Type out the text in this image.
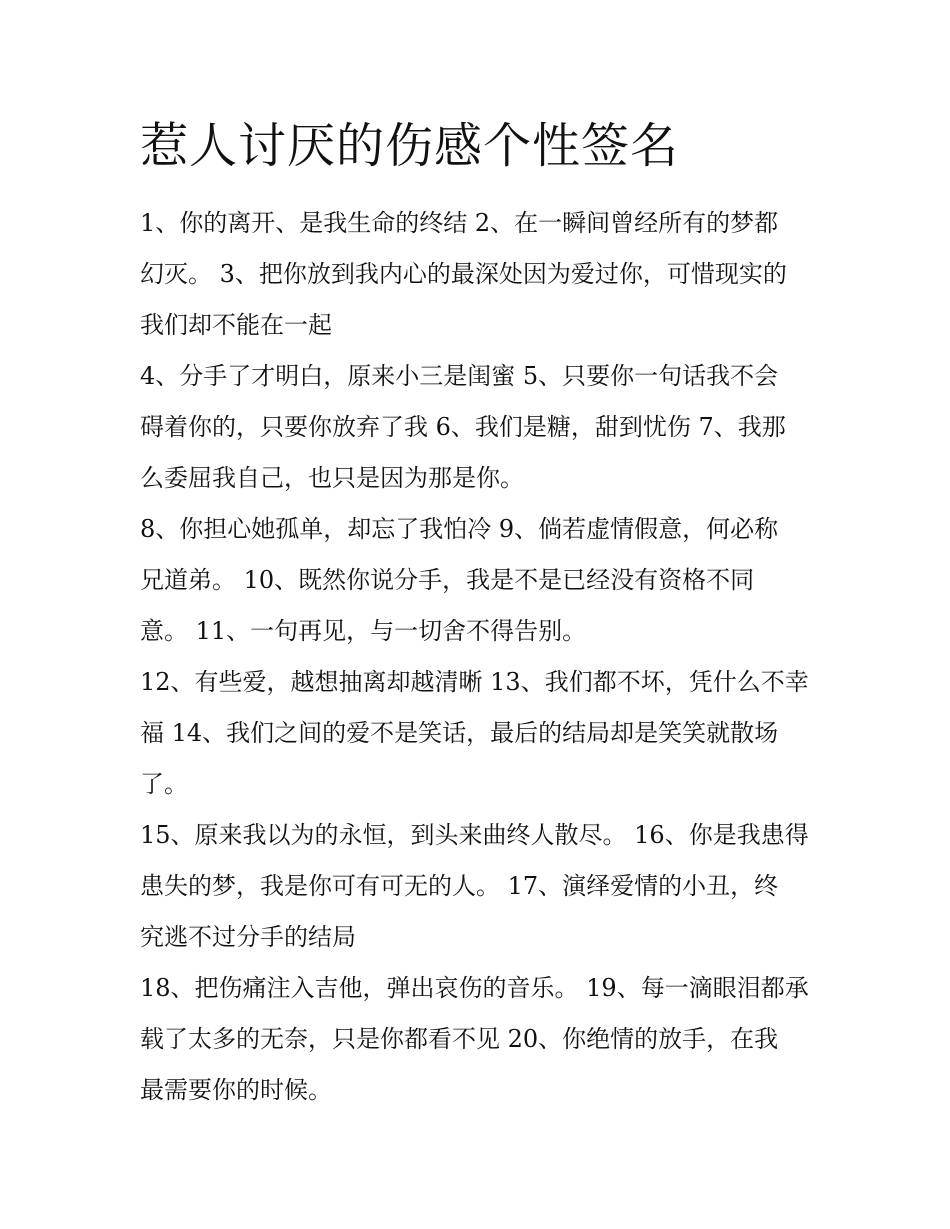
惹人讨厌的伤感个性签名
1、你的离开、是我生命的终结 2、在一瞬间曾经所有的梦都
幻灭。 3、把你放到我内心的最深处因为爱过你，可惜现实的
我们却不能在一起
4、分手了才明白，原来小三是闺蜜 5、只要你一句话我不会
碍着你的，只要你放弃了我 6、我们是糖，甜到忧伤 7、我那
么委屈我自己，也只是因为那是你。
8、你担心她孤单，却忘了我怕冷 9、倘若虚情假意，何必称
兄道弟。 10、既然你说分手，我是不是已经没有资格不同
意。 11、一句再见，与一切舍不得告别。
12、有些爱，越想抽离却越清晰 13、我们都不坏，凭什么不幸
福 14、我们之间的爱不是笑话，最后的结局却是笑笑就散场
了。
15、原来我以为的永恒，到头来曲终人散尽。 16、你是我患得
患失的梦，我是你可有可无的人。 17、演绎爱情的小丑，终
究逃不过分手的结局
18、把伤痛注入吉他，弹出哀伤的音乐。 19、每一滴眼泪都承
载了太多的无奈，只是你都看不见 20、你绝情的放手，在我
最需要你的时候。
